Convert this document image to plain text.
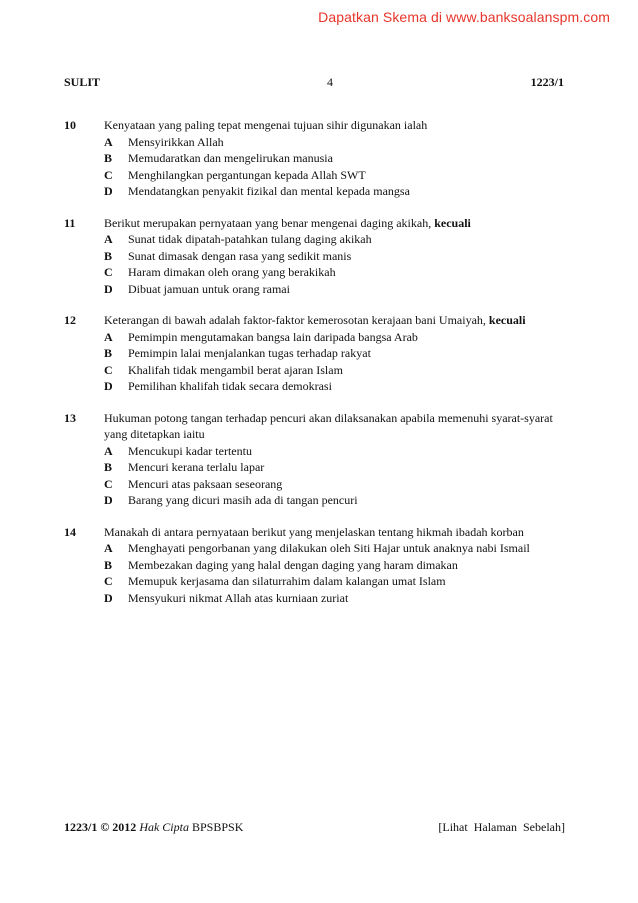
Dapatkan Skema di www.banksoalanspm.com
SULIT	4	1223/1
10 Kenyataan yang paling tepat mengenai tujuan sihir digunakan ialah
A Mensyirikkan Allah
B Memudaratkan dan mengelirukan manusia
C Menghilangkan pergantungan kepada Allah SWT
D Mendatangkan penyakit fizikal dan mental kepada mangsa
11 Berikut merupakan pernyataan yang benar mengenai daging akikah, kecuali
A Sunat tidak dipatah-patahkan tulang daging akikah
B Sunat dimasak dengan rasa yang sedikit manis
C Haram dimakan oleh orang yang berakikah
D Dibuat jamuan untuk orang ramai
12 Keterangan di bawah adalah faktor-faktor kemerosotan kerajaan bani Umaiyah, kecuali
A Pemimpin mengutamakan bangsa lain daripada bangsa Arab
B Pemimpin lalai menjalankan tugas terhadap rakyat
C Khalifah tidak mengambil berat ajaran Islam
D Pemilihan khalifah tidak secara demokrasi
13 Hukuman potong tangan terhadap pencuri akan dilaksanakan apabila memenuhi syarat-syarat yang ditetapkan iaitu
A Mencukupi kadar tertentu
B Mencuri kerana terlalu lapar
C Mencuri atas paksaan seseorang
D Barang yang dicuri masih ada di tangan pencuri
14 Manakah di antara pernyataan berikut yang menjelaskan tentang hikmah ibadah korban
A Menghayati pengorbanan yang dilakukan oleh Siti Hajar untuk anaknya nabi Ismail
B Membezakan daging yang halal dengan daging yang haram dimakan
C Memupuk kerjasama dan silaturrahim dalam kalangan umat Islam
D Mensyukuri nikmat Allah atas kurniaan zuriat
1223/1 © 2012 Hak Cipta BPSBPSK	[Lihat Halaman Sebelah]
